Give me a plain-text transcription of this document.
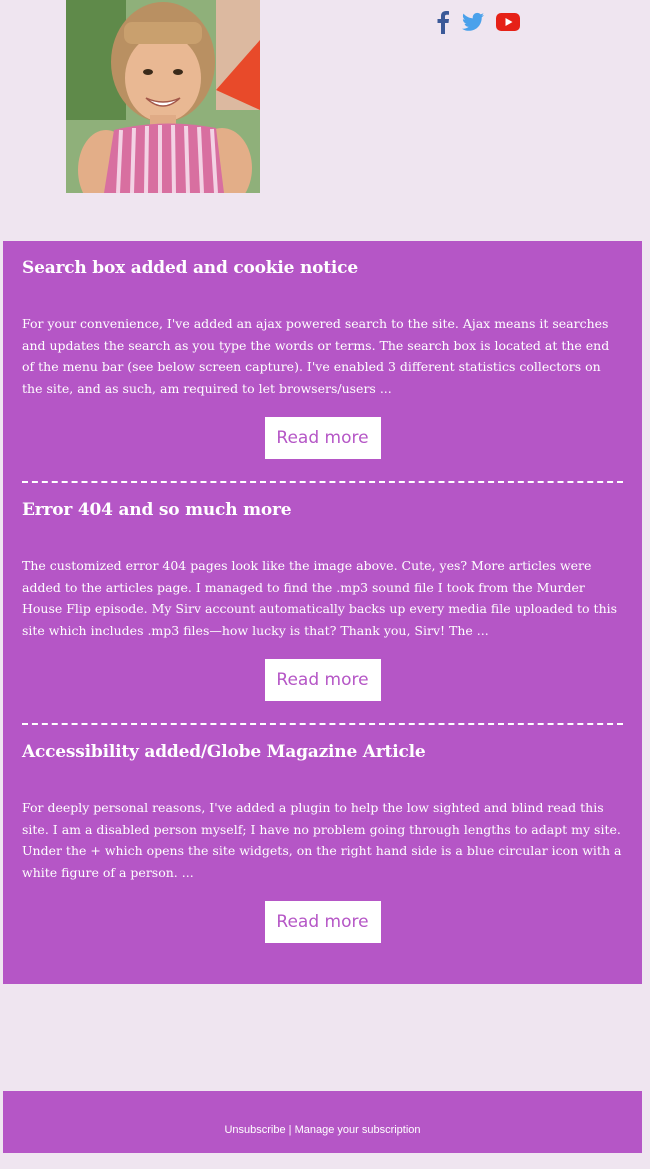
Search box added and cookie notice

For your convenience, I've added an ajax powered search to the site. Ajax means it searches and updates the search as you type the words or terms. The search box is located at the end of the menu bar (see below screen capture). I've enabled 3 different statistics collectors on the site, and as such, am required to let browsers/users ...

Read more
Error 404 and so much more

The customized error 404 pages look like the image above. Cute, yes? More articles were added to the articles page. I managed to find the .mp3 sound file I took from the Murder House Flip episode. My Sirv account automatically backs up every media file uploaded to this site which includes .mp3 files—how lucky is that? Thank you, Sirv! The ...

Read more
Accessibility added/Globe Magazine Article

For deeply personal reasons, I've added a plugin to help the low sighted and blind read this site. I am a disabled person myself; I have no problem going through lengths to adapt my site. Under the + which opens the site widgets, on the right hand side is a blue circular icon with a white figure of a person. ...

Read more
Unsubscribe | Manage your subscription
